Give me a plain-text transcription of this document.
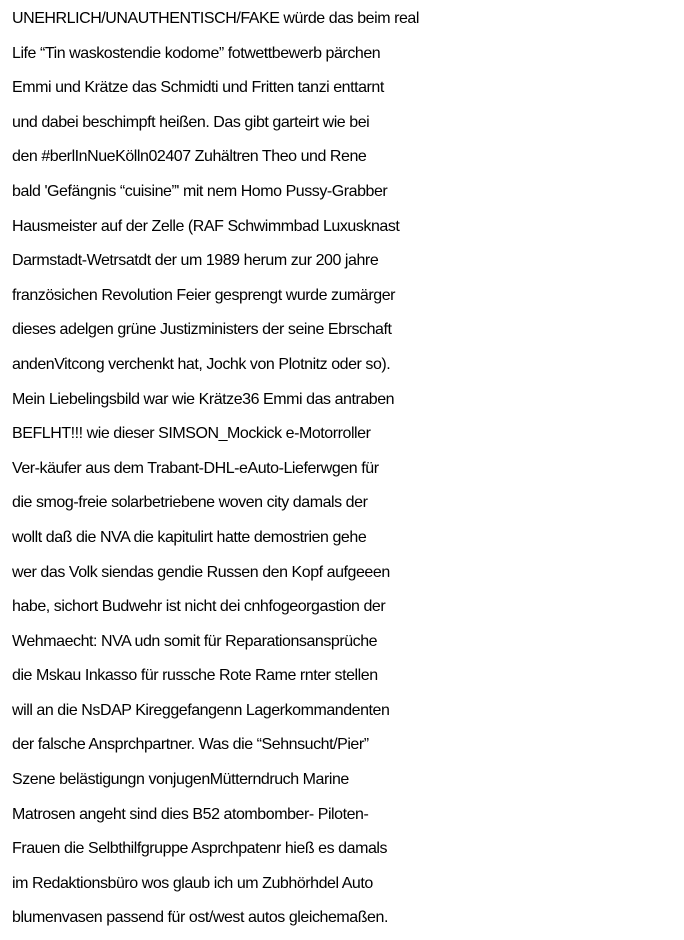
UNEHRLICH/UNAUTHENTISCH/FAKE würde das beim real
Life “Tin waskostendie kodome” fotwettbewerb pärchen
Emmi und Krätze das Schmidti und Fritten tanzi enttarnt
und dabei beschimpft heißen. Das gibt garteirt wie bei
den #berlInNueKölln02407 Zuhältren Theo und Rene
bald 'Gefängnis “cuisine”' mit nem Homo Pussy-Grabber
Hausmeister auf der Zelle (RAF Schwimmbad Luxusknast
Darmstadt-Wetrsatdt der um 1989 herum zur 200 jahre
französichen Revolution Feier gesprengt wurde zumärger
dieses adelgen grüne Justizministers der seine Ebrschaft
andenVitcong verchenkt hat, Jochk von Plotnitz oder so).
Mein Liebelingsbild war wie Krätze36 Emmi das antraben
BEFLHT!!! wie dieser SIMSON_Mockick e-Motorroller
Ver-käufer aus dem Trabant-DHL-eAuto-Lieferwgen für
die smog-freie solarbetriebene woven city damals der
wollt daß die NVA die kapitulirt hatte demostrien gehe
wer das Volk siendas gendie Russen den Kopf aufgeeen
habe, sichort Budwehr ist nicht dei cnhfogeorgastion der
Wehmaecht: NVA udn somit für Reparationsansprüche
die Mskau Inkasso für russche Rote Rame rnter stellen
will an die NsDAP Kireggefangenn Lagerkommandenten
der falsche Ansprchpartner. Was die “Sehnsucht/Pier”
Szene belästigungn vonjugenMütterndruch Marine
Matrosen angeht sind dies B52 atombomber- Piloten-
Frauen die Selbthilfgruppe Asprchpatenr hieß es damals
im Redaktionsbüro wos glaub ich um Zubhörhdel Auto
blumenvasen passend für ost/west autos gleichemaßen.
